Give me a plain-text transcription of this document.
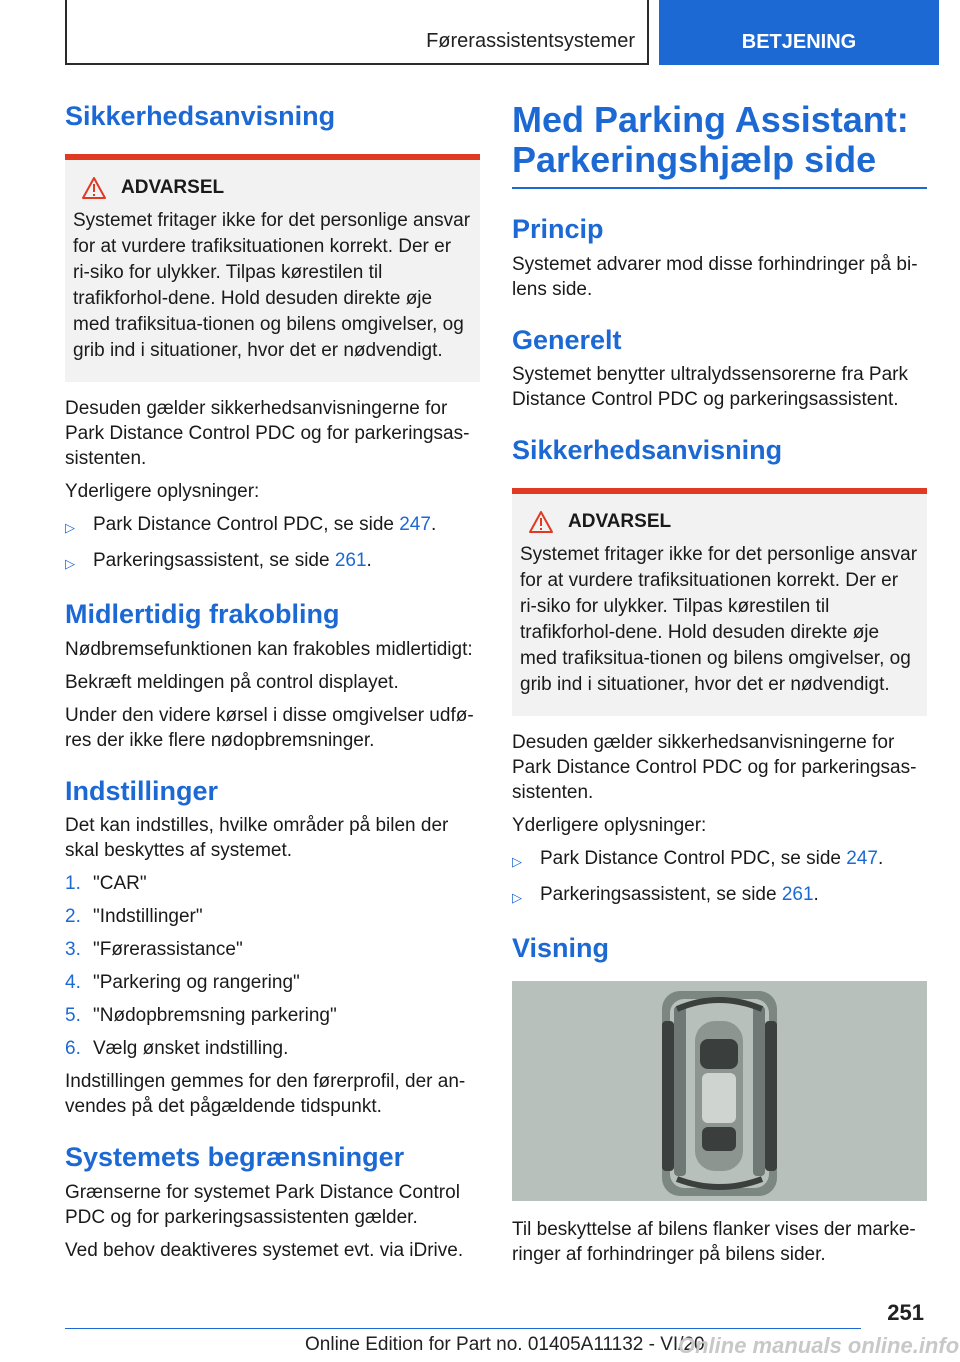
Førerassistentsystemer	BETJENING
Sikkerhedsanvisning
ADVARSEL

Systemet fritager ikke for det personlige ansvar for at vurdere trafiksituationen korrekt. Der er ri-siko for ulykker. Tilpas kørestilen til trafikforhol-dene. Hold desuden direkte øje med trafiksitua-tionen og bilens omgivelser, og grib ind i situationer, hvor det er nødvendigt.

Desuden gælder sikkerhedsanvisningerne for Park Distance Control PDC og for parkeringsas-sistenten.

Yderligere oplysninger:

▷ Park Distance Control PDC, se side 247.
▷ Parkeringsassistent, se side 261.
Midlertidig frakobling

Nødbremsefunktionen kan frakobles midlertidigt:

Bekræft meldingen på control displayet.

Under den videre kørsel i disse omgivelser udfø-res der ikke flere nødopbremsninger.

Indstillinger

Det kan indstilles, hvilke områder på bilen der skal beskyttes af systemet.

1. "CAR"
2. "Indstillinger"
3. "Førerassistance"
4. "Parkering og rangering"
5. "Nødopbremsning parkering"
6. Vælg ønsket indstilling.

Indstillingen gemmes for den førerprofil, der an-vendes på det pågældende tidspunkt.

Systemets begrænsninger

Grænserne for systemet Park Distance Control PDC og for parkeringsassistenten gælder.

Ved behov deaktiveres systemet evt. via iDrive.

Med Parking Assistant: Parkeringshjælp side
Princip

Systemet advarer mod disse forhindringer på bi-lens side.

Generelt

Systemet benytter ultralydssensorerne fra Park Distance Control PDC og parkeringsassistent.

Sikkerhedsanvisning
ADVARSEL

Systemet fritager ikke for det personlige ansvar for at vurdere trafiksituationen korrekt. Der er ri-siko for ulykker. Tilpas kørestilen til trafikforhol-dene. Hold desuden direkte øje med trafiksitua-tionen og bilens omgivelser, og grib ind i situationer, hvor det er nødvendigt.

Desuden gælder sikkerhedsanvisningerne for Park Distance Control PDC og for parkeringsas-sistenten.

Yderligere oplysninger:

▷ Park Distance Control PDC, se side 247.
▷ Parkeringsassistent, se side 261.
Visning

Til beskyttelse af bilens flanker vises der marke-ringer af forhindringer på bilens sider.

251
Online Edition for Part no. 01405A11132 - VI/20
Online manuals online.info
